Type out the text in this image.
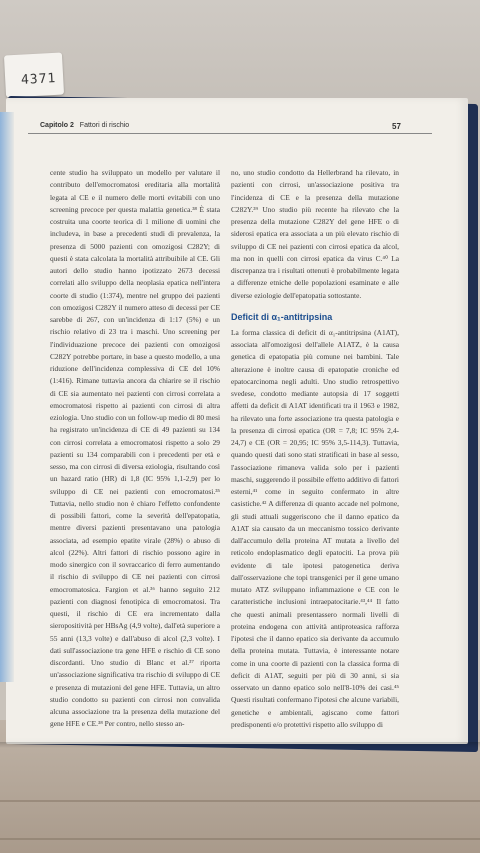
4371
Capitolo 2 Fattori di rischio	57

cente studio ha sviluppato un modello per valutare il contributo dell'emocromatosi ereditaria alla mortalità legata al CE e il numero delle morti evitabili con uno screening precoce per questa malattia genetica.³⁸ È stata costruita una coorte teorica di 1 milione di uomini che includeva, in base a precedenti studi di prevalenza, la presenza di 5000 pazienti con omozigosi C282Y; di questi è stata calcolata la mortalità attribuibile al CE. Gli autori dello studio hanno ipotizzato 2673 decessi correlati allo sviluppo della neoplasia epatica nell'intera coorte di studio (1:374), mentre nel gruppo dei pazienti con omozigosi C282Y il numero atteso di decessi per CE sarebbe di 267, con un'incidenza di 1:17 (5%) e un rischio relativo di 23 tra i maschi. Uno screening per l'individuazione precoce dei pazienti con omozigosi C282Y potrebbe portare, in base a questo modello, a una riduzione dell'incidenza complessiva di CE del 10% (1:416). Rimane tuttavia ancora da chiarire se il rischio di CE sia aumentato nei pazienti con cirrosi correlata a emocromatosi rispetto ai pazienti con cirrosi di altra eziologia. Uno studio con un follow-up medio di 80 mesi ha registrato un'incidenza di CE di 49 pazienti su 134 con cirrosi correlata a emocromatosi rispetto a solo 29 pazienti su 134 comparabili con i precedenti per età e sesso, ma con cirrosi di diversa eziologia, risultando così un hazard ratio (HR) di 1,8 (IC 95% 1,1-2,9) per lo sviluppo di CE nei pazienti con emocromatosi.³⁵ Tuttavia, nello studio non è chiaro l'effetto confondente di possibili fattori, come la severità dell'epatopatia, mentre diversi pazienti presentavano una patologia associata, ad esempio epatite virale (28%) o abuso di alcol (22%). Altri fattori di rischio possono agire in modo sinergico con il sovraccarico di ferro aumentando il rischio di sviluppo di CE nei pazienti con cirrosi emocromatosica. Fargion et al.³⁶ hanno seguito 212 pazienti con diagnosi fenotipica di emocromatosi. Tra questi, il rischio di CE era incrementato dalla sieropositività per HBsAg (4,9 volte), dall'età superiore a 55 anni (13,3 volte) e dall'abuso di alcol (2,3 volte). I dati sull'associazione tra gene HFE e rischio di CE sono discordanti. Uno studio di Blanc et al.³⁷ riporta un'associazione significativa tra rischio di sviluppo di CE e presenza di mutazioni del gene HFE. Tuttavia, un altro studio condotto su pazienti con cirrosi non convalida alcuna associazione tra la presenza della mutazione del gene HFE e CE.³⁸ Per contro, nello stesso an-

no, uno studio condotto da Hellerbrand ha rilevato, in pazienti con cirrosi, un'associazione positiva tra l'incidenza di CE e la presenza della mutazione C282Y.³⁹ Uno studio più recente ha rilevato che la presenza della mutazione C282Y del gene HFE o di siderosi epatica era associata a un più elevato rischio di sviluppo di CE nei pazienti con cirrosi epatica da alcol, ma non in quelli con cirrosi epatica da virus C.⁴⁰ La discrepanza tra i risultati ottenuti è probabilmente legata a differenze etniche delle popolazioni esaminate e alle diverse eziologie dell'epatopatia sottostante.

Deficit di α₁-antitripsina

La forma classica di deficit di α₁-antitripsina (A1AT), associata all'omozigosi dell'allele A1ATZ, è la causa genetica di epatopatia più comune nei bambini. Tale alterazione è inoltre causa di epatopatie croniche ed epatocarcinoma negli adulti. Uno studio retrospettivo svedese, condotto mediante autopsia di 17 soggetti affetti da deficit di A1AT identificati tra il 1963 e 1982, ha rilevato una forte associazione tra questa patologia e la presenza di cirrosi epatica (OR = 7,8; IC 95% 2,4-24,7) e CE (OR = 20,95; IC 95% 3,5-114,3). Tuttavia, quando questi dati sono stati stratificati in base al sesso, l'associazione rimaneva valida solo per i pazienti maschi, suggerendo il possibile effetto additivo di fattori esterni,⁴¹ come in seguito confermato in altre casistiche.⁴² A differenza di quanto accade nel polmone, gli studi attuali suggeriscono che il danno epatico da A1AT sia causato da un meccanismo tossico derivante dall'accumulo della proteina AT mutata a livello del reticolo endoplasmatico degli epatociti. La prova più evidente di tale ipotesi patogenetica deriva dall'osservazione che topi transgenici per il gene umano mutato ATZ sviluppano infiammazione e CE con le caratteristiche inclusioni intraepatocitarie.⁴³,⁴⁴ Il fatto che questi animali presentassero normali livelli di proteina endogena con attività antiproteasica rafforza l'ipotesi che il danno epatico sia derivante da accumulo della proteina mutata. Tuttavia, è interessante notare come in una coorte di pazienti con la classica forma di deficit di A1AT, seguiti per più di 30 anni, si sia osservato un danno epatico solo nell'8-10% dei casi.⁴⁵ Questi risultati confermano l'ipotesi che alcune variabili, genetiche e ambientali, agiscano come fattori predisponenti e/o protettivi rispetto allo sviluppo di
